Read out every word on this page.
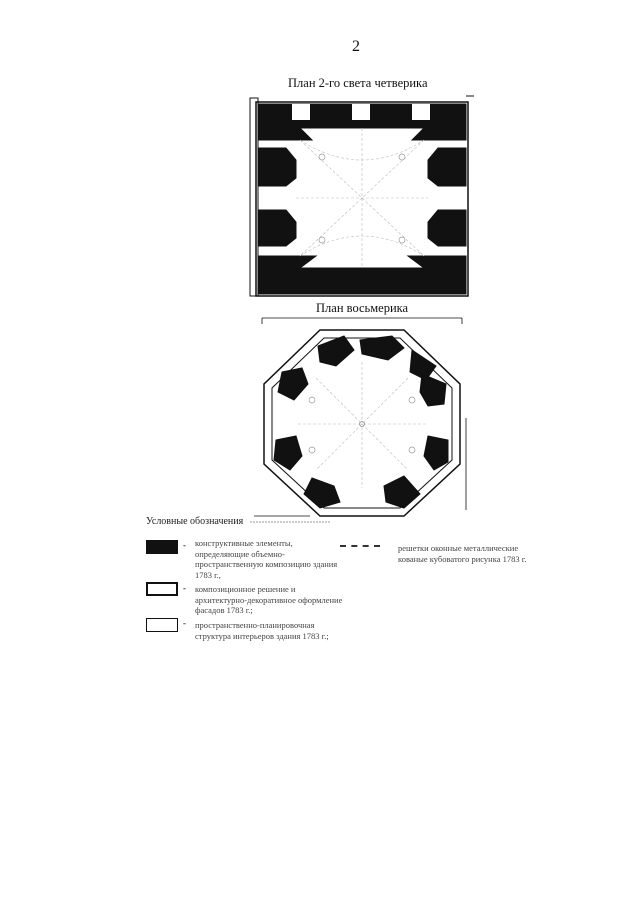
2
План 2-го света четверика
План восьмерика
Условные обозначения
- конструктивные элементы, определяющие объемно-пространственную композицию здания 1783 г.,
- композиционное решение и архитектурно-декоративное оформление фасадов 1783 г.;
- пространственно-планировочная структура интерьеров здания 1783 г.;
решетки оконные металлические кованые кубоватого рисунка 1783 г.
